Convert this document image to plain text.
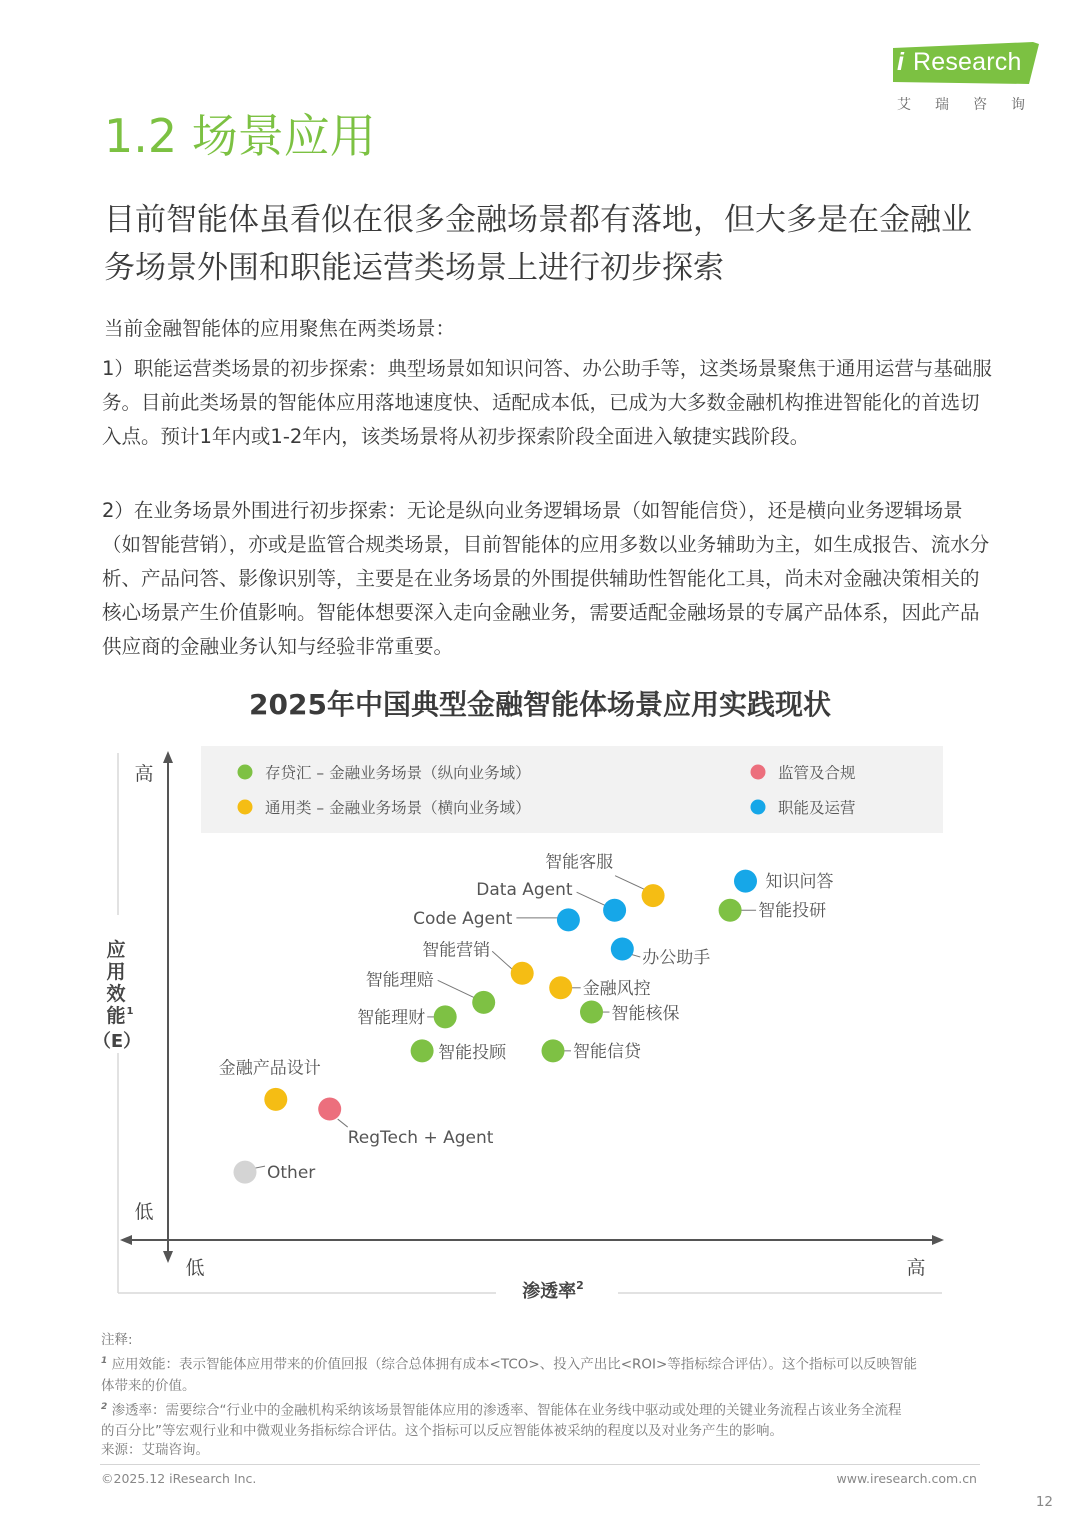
i Research
艾瑞咨询
1.2 场景应用
目前智能体虽看似在很多金融场景都有落地，但大多是在金融业务场景外围和职能运营类场景上进行初步探索
当前金融智能体的应用聚焦在两类场景：
1）职能运营类场景的初步探索：典型场景如知识问答、办公助手等，这类场景聚焦于通用运营与基础服务。目前此类场景的智能体应用落地速度快、适配成本低，已成为大多数金融机构推进智能化的首选切入点。预计1年内或1-2年内，该类场景将从初步探索阶段全面进入敏捷实践阶段。
2）在业务场景外围进行初步探索：无论是纵向业务逻辑场景（如智能信贷），还是横向业务逻辑场景（如智能营销），亦或是监管合规类场景，目前智能体的应用多数以业务辅助为主，如生成报告、流水分析、产品问答、影像识别等，主要是在业务场景的外围提供辅助性智能化工具，尚未对金融决策相关的核心场景产生价值影响。智能体想要深入走向金融业务，需要适配金融场景的专属产品体系，因此产品供应商的金融业务认知与经验非常重要。
2025年中国典型金融智能体场景应用实践现状
存贷汇 – 金融业务场景（纵向业务域）
通用类 – 金融业务场景（横向业务域）
监管及合规
职能及运营
高
低
低	高
渗透率$^2$
应
用
效
能 1
（E）
智能客服
知识问答
Data Agent
Code Agent	智能投研
办公助手
智能营销
金融风控
智能理赔
智能核保
智能理财
智能投顾	智能信贷
金融产品设计
RegTech + Agent
Other
注释:
$^1$ 应用效能：表示智能体应用带来的价值回报（综合总体拥有成本<TCO>、投入产出比<ROI>等指标综合评估）。这个指标可以反映智能
体带来的价值。
$^2$ 渗透率：需要综合“行业中的金融机构采纳该场景智能体应用的渗透率、智能体在业务线中驱动或处理的关键业务流程占该业务全流程
的百分比”等宏观行业和中微观业务指标综合评估。这个指标可以反应智能体被采纳的程度以及对业务产生的影响。
来源：艾瑞咨询。
©2025.12 iResearch Inc.	www.iresearch.com.cn
12
